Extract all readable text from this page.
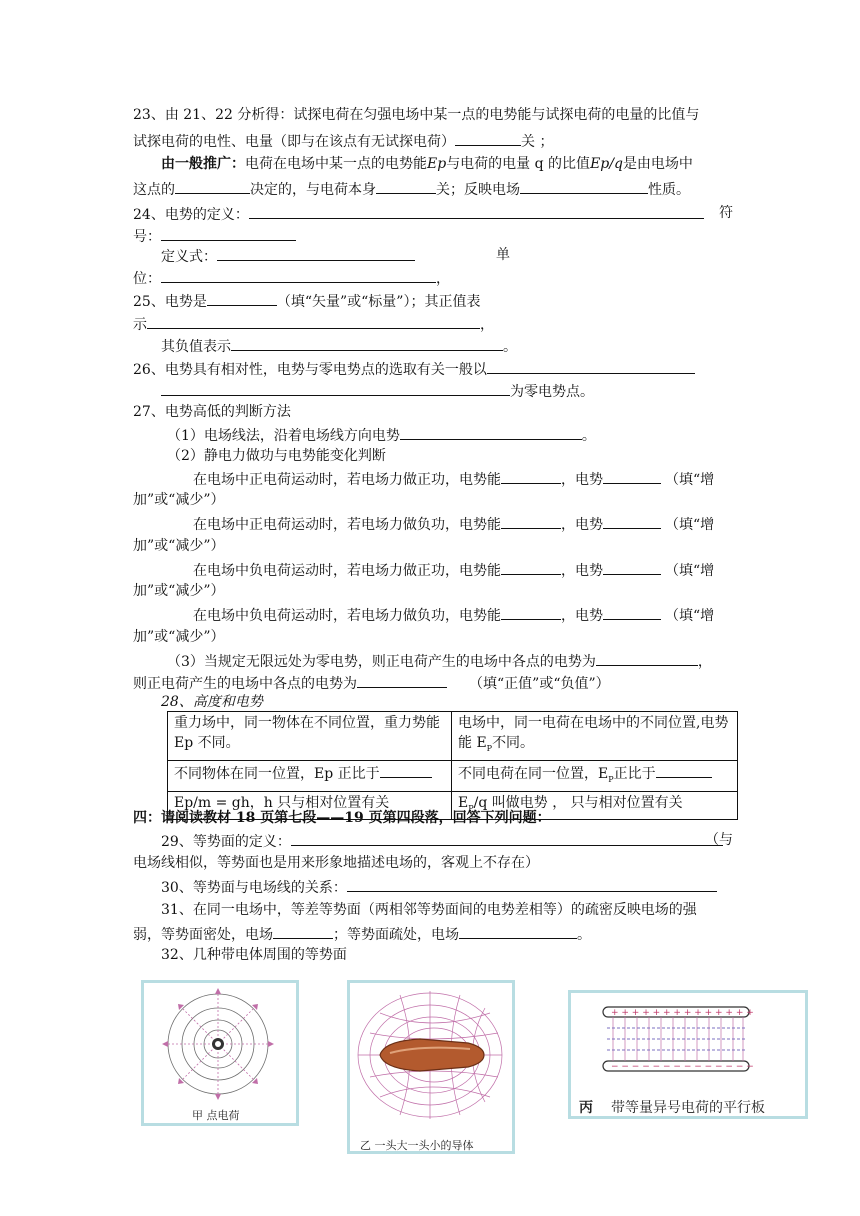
23、由 21、22 分析得：试探电荷在匀强电场中某一点的电势能与试探电荷的电量的比值与
试探电荷的电性、电量（即与在该点有无试探电荷）	关 ；
由一般推广：电荷在电场中某一点的电势能Ep与电荷的电量 q 的比值Ep/q是由电场中
这点的	决定的，与电荷本身	关；反映电场	性质。
24、电势的定义：	符
号：
定义式：	单
位：	，
25、电势是	（填“矢量”或“标量”）；其正值表
示	，
其负值表示	。
26、电势具有相对性，电势与零电势点的选取有关一般以
为零电势点。
27、电势高低的判断方法
（1）电场线法，沿着电场线方向电势	。
（2）静电力做功与电势能变化判断
在电场中正电荷运动时，若电场力做正功，电势能	，电势	（填“增
加”或“减少”）
在电场中正电荷运动时，若电场力做负功，电势能	，电势	（填“增
加”或“减少”）
在电场中负电荷运动时，若电场力做正功，电势能	，电势	（填“增
加”或“减少”）
在电场中负电荷运动时，若电场力做负功，电势能	，电势	（填“增
加”或“减少”）
（3）当规定无限远处为零电势，则正电荷产生的电场中各点的电势为	，
则正电荷产生的电场中各点的电势为	（填“正值”或“负值”）
28、高度和电势
重力场中，同一物体在不同位置，重力势能 Ep 不同。	电场中，同一电荷在电场中的不同位置,电势能 $E_P$不同。
不同物体在同一位置，Ep 正比于	不同电荷在同一位置，$E_P$正比于
Ep/m = gh，h 只与相对位置有关	$E_P/q$ 叫做电势 ， 只与相对位置有关
四：请阅读教材 18 页第七段——19 页第四段落，回答下列问题：
29、等势面的定义：	（与
电场线相似，等势面也是用来形象地描述电场的，客观上不存在）
30、等势面与电场线的关系：
31、在同一电场中，等差等势面（两相邻等势面间的电势差相等）的疏密反映电场的强
弱，等势面密处，电场	；等势面疏处，电场	。
32、几种带电体周围的等势面
甲 点电荷
乙 一头大一头小的导体
+ + + + + + + + + + + + + +
− − − − − − − − − − − − − −
丙 带等量异号电荷的平行板
